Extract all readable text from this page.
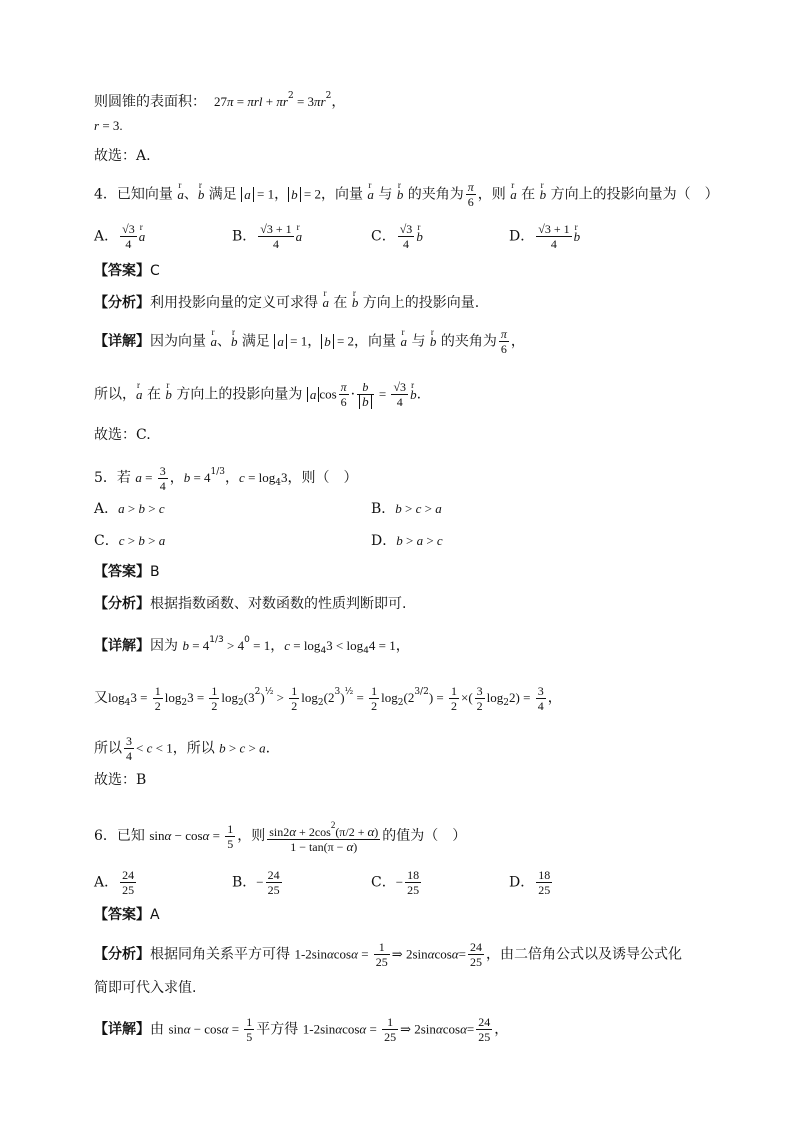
则圆锥的表面积： $27\pi = \pi rl + \pi r^2 = 3\pi r^2$，
r = 3.
故选：A.
4．已知向量 r a、r b 满足 a = 1， b = 2，向量 r a 与 r b 的夹角为 $\frac{\pi}{6}$ ，则 r a 在 r b 方向上的投影向量为（　）
A． $\frac{√3}{4}$ r a	B． $\frac{√3 + 1}{4}$ r a	C． $\frac{√3}{4}$ r b	D． $\frac{√3 + 1}{4}$ r b
【答案】C
【分析】利用投影向量的定义可求得 r a 在 r b 方向上的投影向量.
【详解】因为向量 r a、r b 满足 a = 1， b = 2，向量 r a 与 r b 的夹角为 $\frac{\pi}{6}$ ，
所以，r a 在 r b 方向上的投影向量为 a $\cos \frac{\pi}{6} \cdot \frac{b}{b} = \frac{√3}{4}$ r b.
故选：C.
5．若 $a = \frac{3}{4}$ ，$b = 4^{1/3}$，$c = \log_43$，则（　）
A．a > b > c	B．b > c > a
C．c > b > a	D．b > a > c
【答案】B
【分析】根据指数函数、对数函数的性质判断即可.
【详解】因为 $b = 4^{1/3} > 4^0 = 1$，$c = \log_43 < \log_44 = 1$，
又$\log_43 = \frac{1}{2} \log_23 = \frac{1}{2} \log_2(3^2)^{\frac{1}{2}} > \frac{1}{2} \log_2(2^3)^{\frac{1}{2}} = \frac{1}{2} \log_2(2^{3/2}) = \frac{1}{2}$ ×( $\frac{3}{2} \log_22) = \frac{3}{4}$ ，
所以 $\frac{3}{4} < c < 1$，所以 b > c > a.
故选：B
6．已知 $\sin\alpha - \cos\alpha = \frac{1}{5}$ ，则 $\frac{\sin 2\alpha + 2\cos^2(\pi/2 + \alpha)}{1 - \tan(\pi - \alpha)}$ 的值为（　）
A． $\frac{24}{25}$	B．− $\frac{24}{25}$	C．− $\frac{18}{25}$	D． $\frac{18}{25}$
【答案】A
【分析】根据同角关系平方可得 $1-2\sin\alpha\cos\alpha = \frac{1}{25}$ ⇒ $2\sin\alpha\cos\alpha= \frac{24}{25}$ ，由二倍角公式以及诱导公式化
简即可代入求值.
【详解】由 $\sin\alpha - \cos\alpha = \frac{1}{5}$ 平方得 $1-2\sin\alpha\cos\alpha = \frac{1}{25}$ ⇒ $2\sin\alpha\cos\alpha= \frac{24}{25}$ ，
